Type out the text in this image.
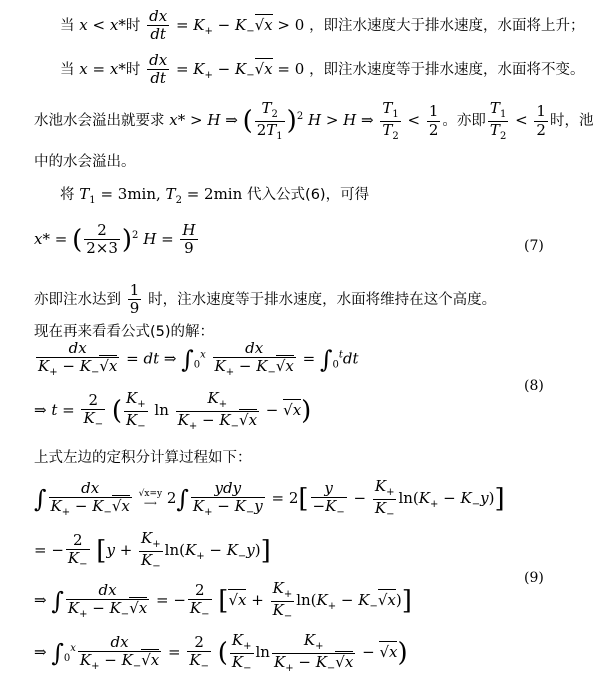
当 x < x*时 $\frac{dx}{dt} = K_+ - K_-√x > 0$ ，即注水速度大于排水速度，水面将上升；
当 x = x*时 $\frac{dx}{dt} = K_+ - K_-√x = 0$ ，即注水速度等于排水速度，水面将不变。
水池水会溢出就要求 x* > H ⇒ ( $\frac{T_2}{2T_1} )^2$ H > H ⇒ $\frac{T_1}{T_2} < \frac{1}{2}$ 。亦即 $\frac{T_1}{T_2} < \frac{1}{2}$ 时，池
中的水会溢出。
将 $T_1 = 3\min$, $T_2 = 2\min$ 代入公式(6)，可得
x* = ( $\frac{2}{2\times 3} )^2$ $H = \frac{H}{9}$	(7)
亦即注水达到 $\frac{1}{9}$ 时，注水速度等于排水速度，水面将维持在这个高度。
现在再来看看公式(5)的解：
$\frac{dx}{K_+ - K_-√x}$ = dt ⇒ $\int_0^x \frac{dx}{K_+ - K_-√x} = \int_0^tdt$
⇒ $t = \frac{2}{K_-}$ ( $\frac{K_+}{K_-}$ $\ln \frac{K_+}{K_+ - K_-√x} - √x$)
(8)
上式左边的定积分计算过程如下：
∫ $\frac{dx}{K_+ - K_-√x} √x=y$
⟶ $2\int \frac{\text{ydy}}{K_+ - K_-y} = 2[ \frac{y}{-K_-} - \frac{K_+}{K_-} \ln(K_+ - K_-y)]$
= − $\frac{2}{K_-} [y + \frac{K_+}{K_-} \ln(K_+ - K_-y)]$
⇒ ∫ $\frac{dx}{K_+ - K_-√x}$ = − $\frac{2}{K_-} [√x + \frac{K_+}{K_-} \ln(K_+ - K_-√x)]$
⇒ $\int_0^x \frac{dx}{K_+ - K_-√x} = \frac{2}{K_-}$ ( $\frac{K_+}{K_-}$ $\ln \frac{K_+}{K_+ - K_-√x} - √x$)
(9)
